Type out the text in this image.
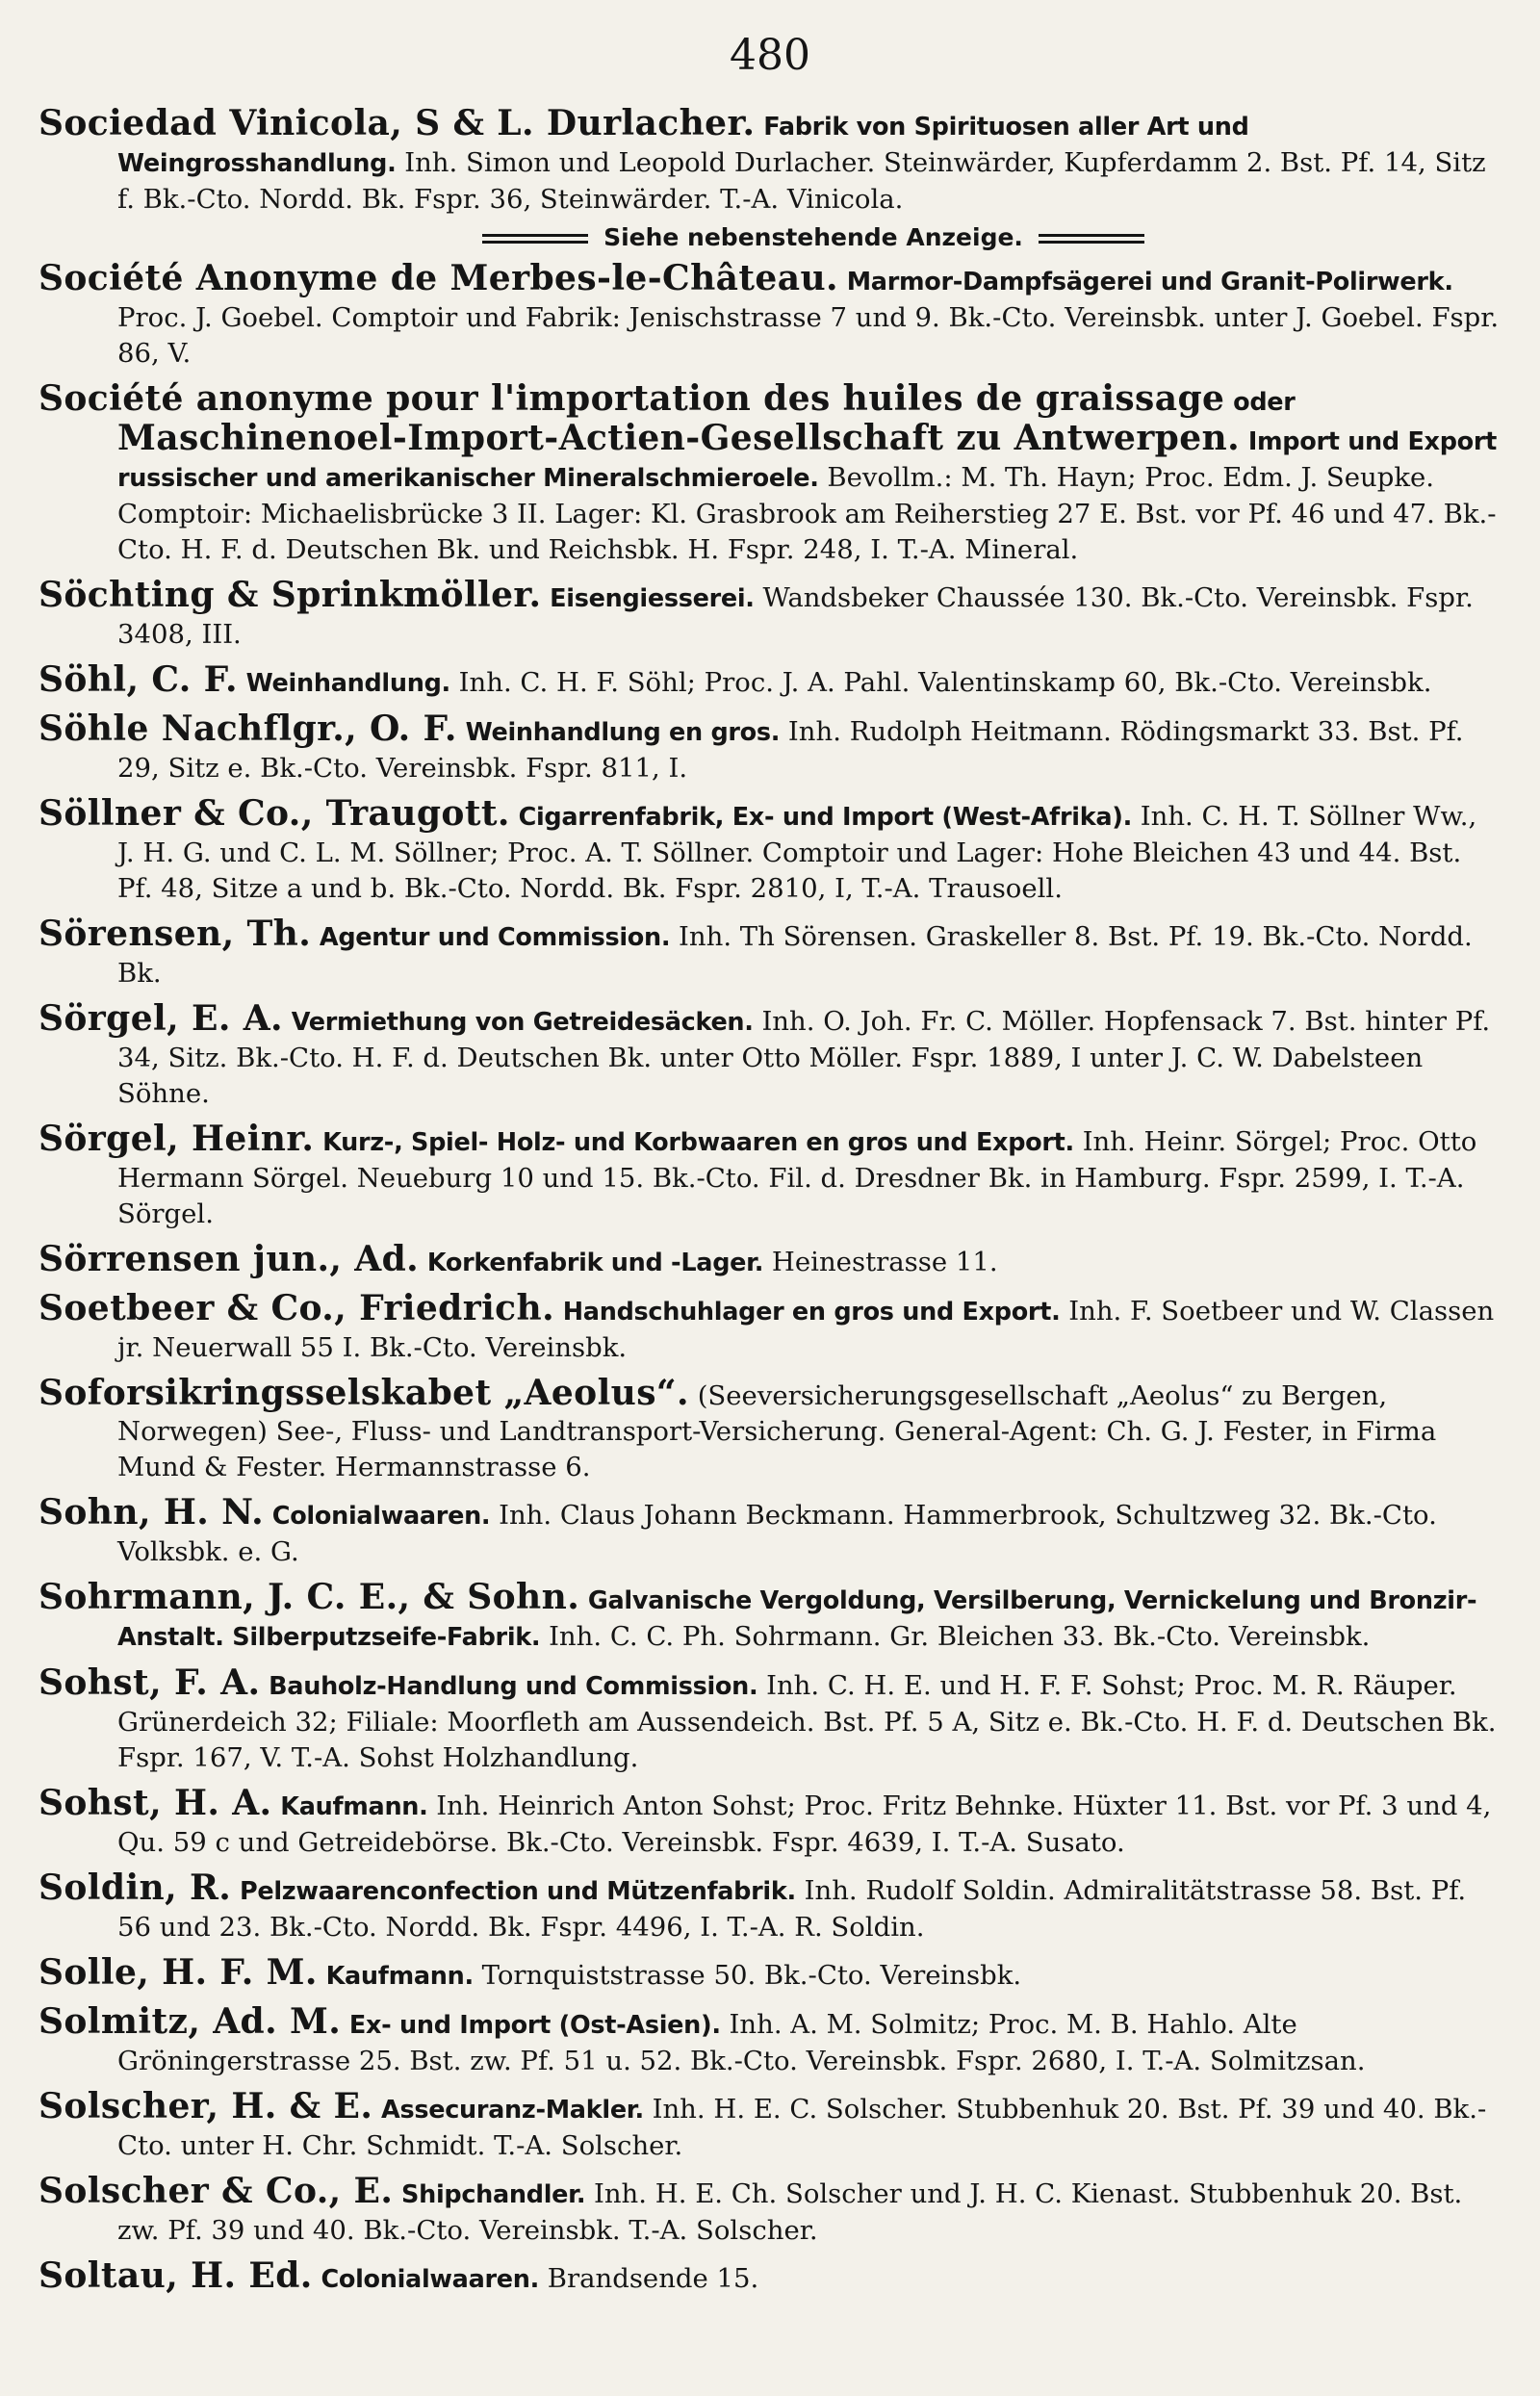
480
Sociedad Vinicola, S & L. Durlacher. Fabrik von Spirituosen aller Art und Weingrosshandlung. Inh. Simon und Leopold Durlacher. Steinwärder, Kupferdamm 2. Bst. Pf. 14, Sitz f. Bk.-Cto. Nordd. Bk. Fspr. 36, Steinwärder. T.-A. Vinicola.
Siehe nebenstehende Anzeige.
Société Anonyme de Merbes-le-Château. Marmor-Dampfsägerei und Granit-Polirwerk. Proc. J. Goebel. Comptoir und Fabrik: Jenischstrasse 7 und 9. Bk.-Cto. Vereinsbk. unter J. Goebel. Fspr. 86, V.
Société anonyme pour l'importation des huiles de graissage oder Maschinenoel-Import-Actien-Gesellschaft zu Antwerpen. Import und Export russischer und amerikanischer Mineralschmieroele. Bevollm.: M. Th. Hayn; Proc. Edm. J. Seupke. Comptoir: Michaelisbrücke 3 II. Lager: Kl. Grasbrook am Reiherstieg 27 E. Bst. vor Pf. 46 und 47. Bk.-Cto. H. F. d. Deutschen Bk. und Reichsbk. H. Fspr. 248, I. T.-A. Mineral.
Söchting & Sprinkmöller. Eisengiesserei. Wandsbeker Chaussée 130. Bk.-Cto. Vereinsbk. Fspr. 3408, III.
Söhl, C. F. Weinhandlung. Inh. C. H. F. Söhl; Proc. J. A. Pahl. Valentinskamp 60, Bk.-Cto. Vereinsbk.
Söhle Nachflgr., O. F. Weinhandlung en gros. Inh. Rudolph Heitmann. Rödingsmarkt 33. Bst. Pf. 29, Sitz e. Bk.-Cto. Vereinsbk. Fspr. 811, I.
Söllner & Co., Traugott. Cigarrenfabrik, Ex- und Import (West-Afrika). Inh. C. H. T. Söllner Ww., J. H. G. und C. L. M. Söllner; Proc. A. T. Söllner. Comptoir und Lager: Hohe Bleichen 43 und 44. Bst. Pf. 48, Sitze a und b. Bk.-Cto. Nordd. Bk. Fspr. 2810, I, T.-A. Trausoell.
Sörensen, Th. Agentur und Commission. Inh. Th Sörensen. Graskeller 8. Bst. Pf. 19. Bk.-Cto. Nordd. Bk.
Sörgel, E. A. Vermiethung von Getreidesäcken. Inh. O. Joh. Fr. C. Möller. Hopfensack 7. Bst. hinter Pf. 34, Sitz. Bk.-Cto. H. F. d. Deutschen Bk. unter Otto Möller. Fspr. 1889, I unter J. C. W. Dabelsteen Söhne.
Sörgel, Heinr. Kurz-, Spiel- Holz- und Korbwaaren en gros und Export. Inh. Heinr. Sörgel; Proc. Otto Hermann Sörgel. Neueburg 10 und 15. Bk.-Cto. Fil. d. Dresdner Bk. in Hamburg. Fspr. 2599, I. T.-A. Sörgel.
Sörrensen jun., Ad. Korkenfabrik und -Lager. Heinestrasse 11.
Soetbeer & Co., Friedrich. Handschuhlager en gros und Export. Inh. F. Soetbeer und W. Classen jr. Neuerwall 55 I. Bk.-Cto. Vereinsbk.
Soforsikringsselskabet „Aeolus“. (Seeversicherungsgesellschaft „Aeolus“ zu Bergen, Norwegen) See-, Fluss- und Landtransport-Versicherung. General-Agent: Ch. G. J. Fester, in Firma Mund & Fester. Hermannstrasse 6.
Sohn, H. N. Colonialwaaren. Inh. Claus Johann Beckmann. Hammerbrook, Schultzweg 32. Bk.-Cto. Volksbk. e. G.
Sohrmann, J. C. E., & Sohn. Galvanische Vergoldung, Versilberung, Vernickelung und Bronzir-Anstalt. Silberputzseife-Fabrik. Inh. C. C. Ph. Sohrmann. Gr. Bleichen 33. Bk.-Cto. Vereinsbk.
Sohst, F. A. Bauholz-Handlung und Commission. Inh. C. H. E. und H. F. F. Sohst; Proc. M. R. Räuper. Grünerdeich 32; Filiale: Moorfleth am Aussendeich. Bst. Pf. 5 A, Sitz e. Bk.-Cto. H. F. d. Deutschen Bk. Fspr. 167, V. T.-A. Sohst Holzhandlung.
Sohst, H. A. Kaufmann. Inh. Heinrich Anton Sohst; Proc. Fritz Behnke. Hüxter 11. Bst. vor Pf. 3 und 4, Qu. 59 c und Getreidebörse. Bk.-Cto. Vereinsbk. Fspr. 4639, I. T.-A. Susato.
Soldin, R. Pelzwaarenconfection und Mützenfabrik. Inh. Rudolf Soldin. Admiralitätstrasse 58. Bst. Pf. 56 und 23. Bk.-Cto. Nordd. Bk. Fspr. 4496, I. T.-A. R. Soldin.
Solle, H. F. M. Kaufmann. Tornquiststrasse 50. Bk.-Cto. Vereinsbk.
Solmitz, Ad. M. Ex- und Import (Ost-Asien). Inh. A. M. Solmitz; Proc. M. B. Hahlo. Alte Gröningerstrasse 25. Bst. zw. Pf. 51 u. 52. Bk.-Cto. Vereinsbk. Fspr. 2680, I. T.-A. Solmitzsan.
Solscher, H. & E. Assecuranz-Makler. Inh. H. E. C. Solscher. Stubbenhuk 20. Bst. Pf. 39 und 40. Bk.-Cto. unter H. Chr. Schmidt. T.-A. Solscher.
Solscher & Co., E. Shipchandler. Inh. H. E. Ch. Solscher und J. H. C. Kienast. Stubbenhuk 20. Bst. zw. Pf. 39 und 40. Bk.-Cto. Vereinsbk. T.-A. Solscher.
Soltau, H. Ed. Colonialwaaren. Brandsende 15.
